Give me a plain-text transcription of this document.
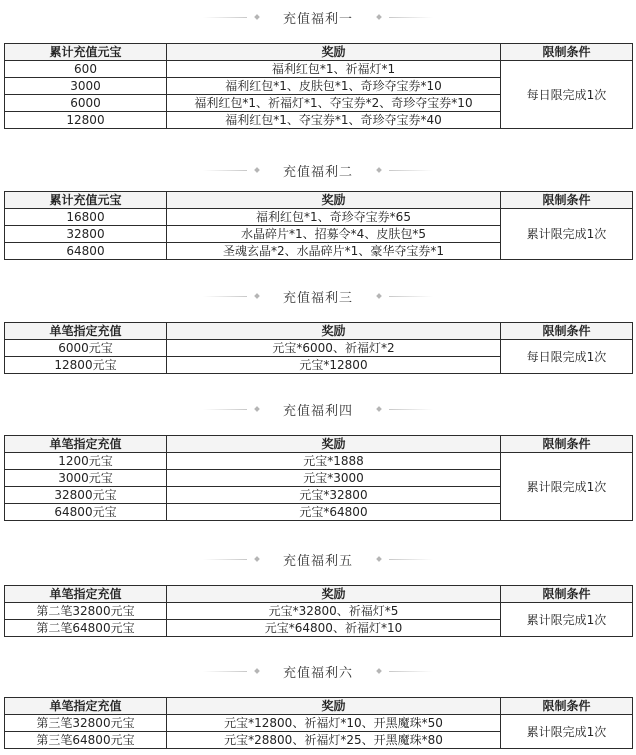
充值福利一
累计充值元宝	奖励	限制条件
600	福利红包*1、祈福灯*1	每日限完成1次
3000	福利红包*1、皮肤包*1、奇珍夺宝券*10	
6000	福利红包*1、祈福灯*1、夺宝券*2、奇珍夺宝券*10	
12800	福利红包*1、夺宝券*1、奇珍夺宝券*40	
充值福利二
累计充值元宝	奖励	限制条件
16800	福利红包*1、奇珍夺宝券*65	累计限完成1次
32800	水晶碎片*1、招募令*4、皮肤包*5	
64800	圣魂玄晶*2、水晶碎片*1、豪华夺宝券*1	
充值福利三
单笔指定充值	奖励	限制条件
6000元宝	元宝*6000、祈福灯*2	每日限完成1次
12800元宝	元宝*12800	
充值福利四
单笔指定充值	奖励	限制条件
1200元宝	元宝*1888	累计限完成1次
3000元宝	元宝*3000	
32800元宝	元宝*32800	
64800元宝	元宝*64800	
充值福利五
单笔指定充值	奖励	限制条件
第二笔32800元宝	元宝*32800、祈福灯*5	累计限完成1次
第二笔64800元宝	元宝*64800、祈福灯*10	
充值福利六
单笔指定充值	奖励	限制条件
第三笔32800元宝	元宝*12800、祈福灯*10、开黑魔珠*50	累计限完成1次
第三笔64800元宝	元宝*28800、祈福灯*25、开黑魔珠*80	
